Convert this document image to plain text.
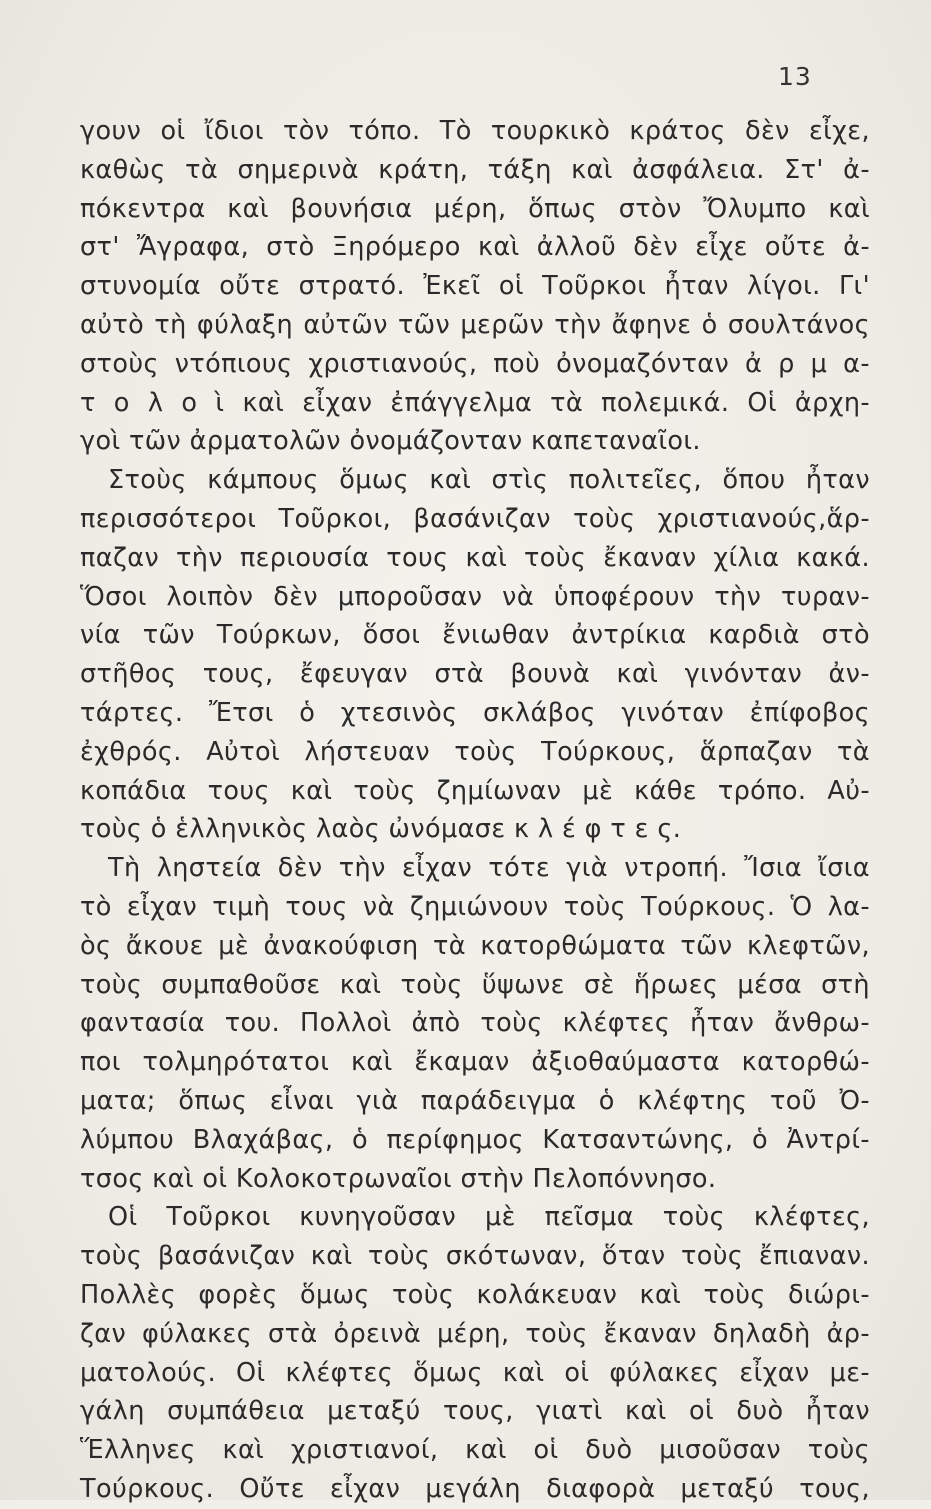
13
γουν οἱ ἴδιοι τὸν τόπο. Τὸ τουρκικὸ κράτος δὲν εἶχε,
καθὼς τὰ σημερινὰ κράτη, τάξη καὶ ἀσφάλεια. Στ' ἀ-
πόκεντρα καὶ βουνήσια μέρη, ὅπως στὸν Ὄλυμπο καὶ
στ' Ἄγραφα, στὸ Ξηρόμερο καὶ ἀλλοῦ δὲν εἶχε οὔτε ἀ-
στυνομία οὔτε στρατό. Ἐκεῖ οἱ Τοῦρκοι ἦταν λίγοι. Γι'
αὐτὸ τὴ φύλαξη αὐτῶν τῶν μερῶν τὴν ἄφηνε ὁ σουλτάνος
στοὺς ντόπιους χριστιανούς, ποὺ ὀνομαζόνταν ἀ ρ μ α-
τ ο λ ο ὶ καὶ εἶχαν ἐπάγγελμα τὰ πολεμικά. Οἱ ἀρχη-
γοὶ τῶν ἀρματολῶν ὀνομάζονταν καπεταναῖοι.
Στοὺς κάμπους ὅμως καὶ στὶς πολιτεῖες, ὅπου ἦταν
περισσότεροι Τοῦρκοι, βασάνιζαν τοὺς χριστιανούς,ἅρ-
παζαν τὴν περιουσία τους καὶ τοὺς ἔκαναν χίλια κακά.
Ὅσοι λοιπὸν δὲν μποροῦσαν νὰ ὑποφέρουν τὴν τυραν-
νία τῶν Τούρκων, ὅσοι ἔνιωθαν ἀντρίκια καρδιὰ στὸ
στῆθος τους, ἔφευγαν στὰ βουνὰ καὶ γινόνταν ἀν-
τάρτες. Ἔτσι ὁ χτεσινὸς σκλάβος γινόταν ἐπίφοβος
ἐχθρός. Αὐτοὶ λήστευαν τοὺς Τούρκους, ἅρπαζαν τὰ
κοπάδια τους καὶ τοὺς ζημίωναν μὲ κάθε τρόπο. Αὐ-
τοὺς ὁ ἑλληνικὸς λαὸς ὠνόμασε κ λ έ φ τ ε ς.
Τὴ ληστεία δὲν τὴν εἶχαν τότε γιὰ ντροπή. Ἴσια ἴσια
τὸ εἶχαν τιμὴ τους νὰ ζημιώνουν τοὺς Τούρκους. Ὁ λα-
ὸς ἄκουε μὲ ἀνακούφιση τὰ κατορθώματα τῶν κλεφτῶν,
τοὺς συμπαθοῦσε καὶ τοὺς ὕψωνε σὲ ἥρωες μέσα στὴ
φαντασία του. Πολλοὶ ἀπὸ τοὺς κλέφτες ἦταν ἄνθρω-
ποι τολμηρότατοι καὶ ἔκαμαν ἀξιοθαύμαστα κατορθώ-
ματα; ὅπως εἶναι γιὰ παράδειγμα ὁ κλέφτης τοῦ Ὀ-
λύμπου Βλαχάβας, ὁ περίφημος Κατσαντώνης, ὁ Ἀντρί-
τσος καὶ οἱ Κολοκοτρωναῖοι στὴν Πελοπόννησο.
Οἱ Τοῦρκοι κυνηγοῦσαν μὲ πεῖσμα τοὺς κλέφτες,
τοὺς βασάνιζαν καὶ τοὺς σκότωναν, ὅταν τοὺς ἔπιαναν.
Πολλὲς φορὲς ὅμως τοὺς κολάκευαν καὶ τοὺς διώρι-
ζαν φύλακες στὰ ὀρεινὰ μέρη, τοὺς ἔκαναν δηλαδὴ ἀρ-
ματολούς. Οἱ κλέφτες ὅμως καὶ οἱ φύλακες εἶχαν με-
γάλη συμπάθεια μεταξύ τους, γιατὶ καὶ οἱ δυὸ ἦταν
Ἕλληνες καὶ χριστιανοί, καὶ οἱ δυὸ μισοῦσαν τοὺς
Τούρκους. Οὔτε εἶχαν μεγάλη διαφορὰ μεταξύ τους,
